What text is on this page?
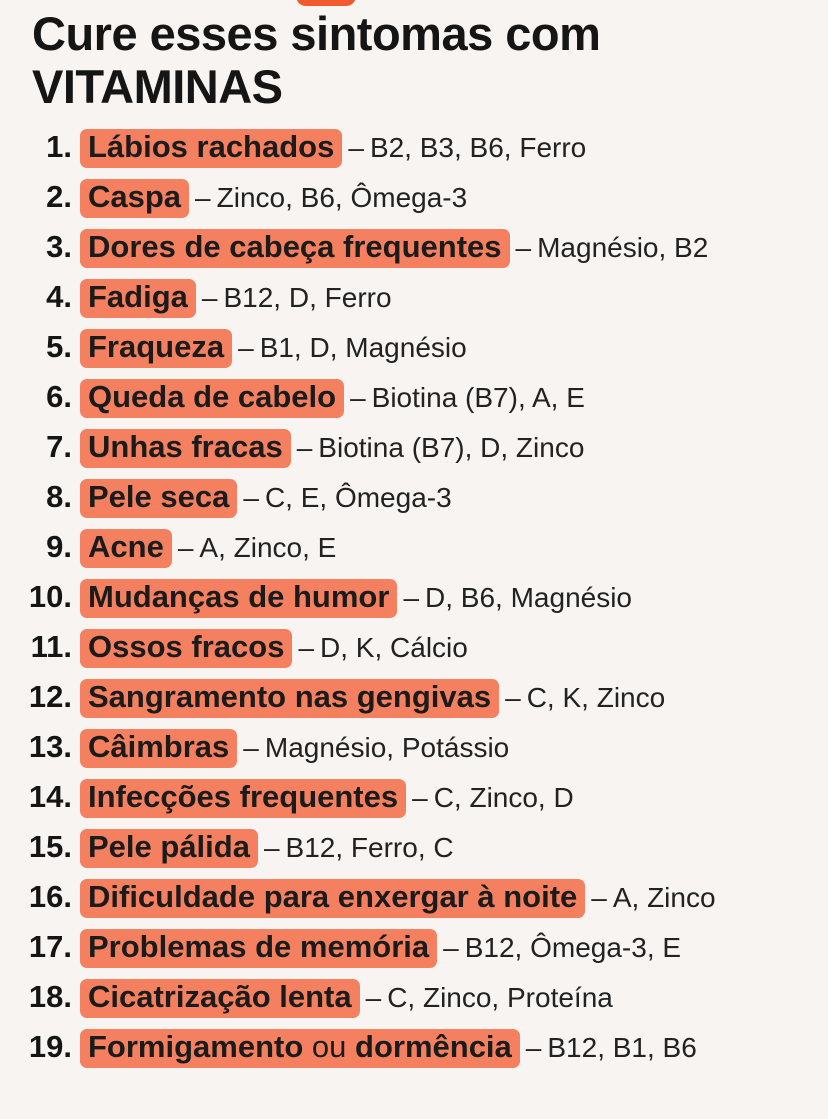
Cure esses sintomas com
VITAMINAS
1. Lábios rachados – B2, B3, B6, Ferro
2. Caspa – Zinco, B6, Ômega-3
3. Dores de cabeça frequentes – Magnésio, B2
4. Fadiga – B12, D, Ferro
5. Fraqueza – B1, D, Magnésio
6. Queda de cabelo – Biotina (B7), A, E
7. Unhas fracas – Biotina (B7), D, Zinco
8. Pele seca – C, E, Ômega-3
9. Acne – A, Zinco, E
10. Mudanças de humor – D, B6, Magnésio
11. Ossos fracos – D, K, Cálcio
12. Sangramento nas gengivas – C, K, Zinco
13. Câimbras – Magnésio, Potássio
14. Infecções frequentes – C, Zinco, D
15. Pele pálida – B12, Ferro, C
16. Dificuldade para enxergar à noite – A, Zinco
17. Problemas de memória – B12, Ômega-3, E
18. Cicatrização lenta – C, Zinco, Proteína
19. Formigamento ou dormência – B12, B1, B6
